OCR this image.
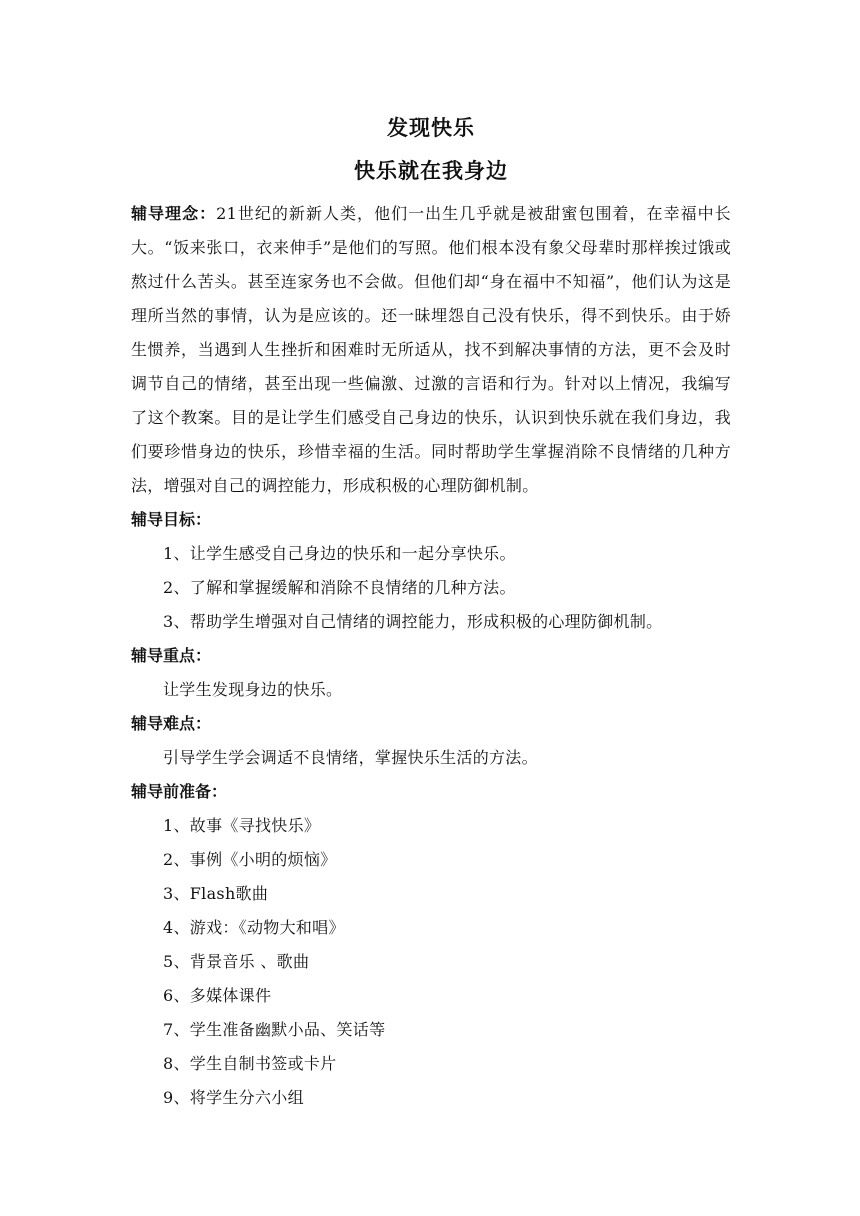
发现快乐
快乐就在我身边
辅导理念：21世纪的新新人类，他们一出生几乎就是被甜蜜包围着，在幸福中长大。“饭来张口，衣来伸手”是他们的写照。他们根本没有象父母辈时那样挨过饿或熬过什么苦头。甚至连家务也不会做。但他们却“身在福中不知福”，他们认为这是理所当然的事情，认为是应该的。还一昧埋怨自己没有快乐，得不到快乐。由于娇生惯养，当遇到人生挫折和困难时无所适从，找不到解决事情的方法，更不会及时调节自己的情绪，甚至出现一些偏激、过激的言语和行为。针对以上情况，我编写了这个教案。目的是让学生们感受自己身边的快乐，认识到快乐就在我们身边，我们要珍惜身边的快乐，珍惜幸福的生活。同时帮助学生掌握消除不良情绪的几种方法，增强对自己的调控能力，形成积极的心理防御机制。
辅导目标：
1、让学生感受自己身边的快乐和一起分享快乐。
2、了解和掌握缓解和消除不良情绪的几种方法。
3、帮助学生增强对自己情绪的调控能力，形成积极的心理防御机制。
辅导重点：
让学生发现身边的快乐。
辅导难点：
引导学生学会调适不良情绪，掌握快乐生活的方法。
辅导前准备：
1、故事《寻找快乐》
2、事例《小明的烦恼》
3、Flash歌曲
4、游戏：《动物大和唱》
5、背景音乐 、歌曲
6、多媒体课件
7、学生准备幽默小品、笑话等
8、学生自制书签或卡片
9、将学生分六小组
